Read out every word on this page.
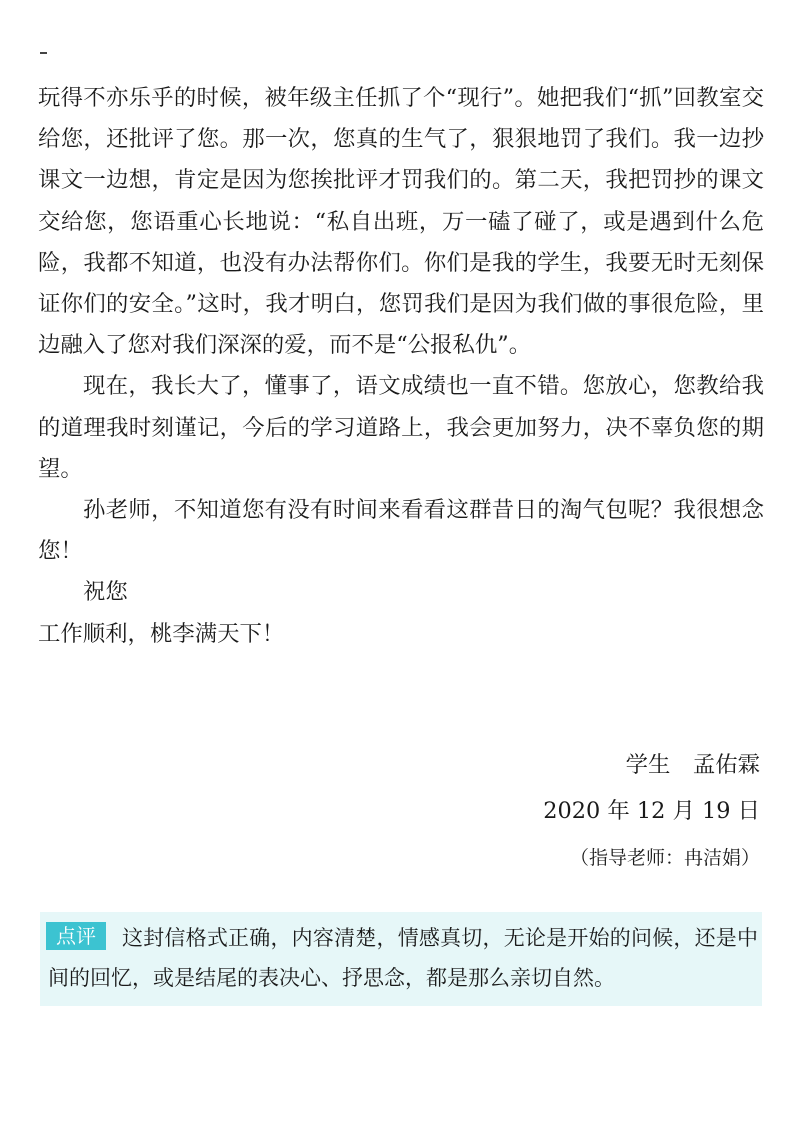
玩得不亦乐乎的时候，被年级主任抓了个“现行”。她把我们“抓”回教室交给您，还批评了您。那一次，您真的生气了，狠狠地罚了我们。我一边抄课文一边想，肯定是因为您挨批评才罚我们的。第二天，我把罚抄的课文交给您，您语重心长地说：“私自出班，万一磕了碰了，或是遇到什么危险，我都不知道，也没有办法帮你们。你们是我的学生，我要无时无刻保证你们的安全。”这时，我才明白，您罚我们是因为我们做的事很危险，里边融入了您对我们深深的爱，而不是“公报私仇”。

现在，我长大了，懂事了，语文成绩也一直不错。您放心，您教给我的道理我时刻谨记，今后的学习道路上，我会更加努力，决不辜负您的期望。

孙老师，不知道您有没有时间来看看这群昔日的淘气包呢？我很想念您！

祝您

工作顺利，桃李满天下！

学生　孟佑霖
2020 年 12 月 19 日
（指导老师：冉洁娟）

这封信格式正确，内容清楚，情感真切，无论是开始的问候，还是中间的回忆，或是结尾的表决心、抒思念，都是那么亲切自然。

点评
